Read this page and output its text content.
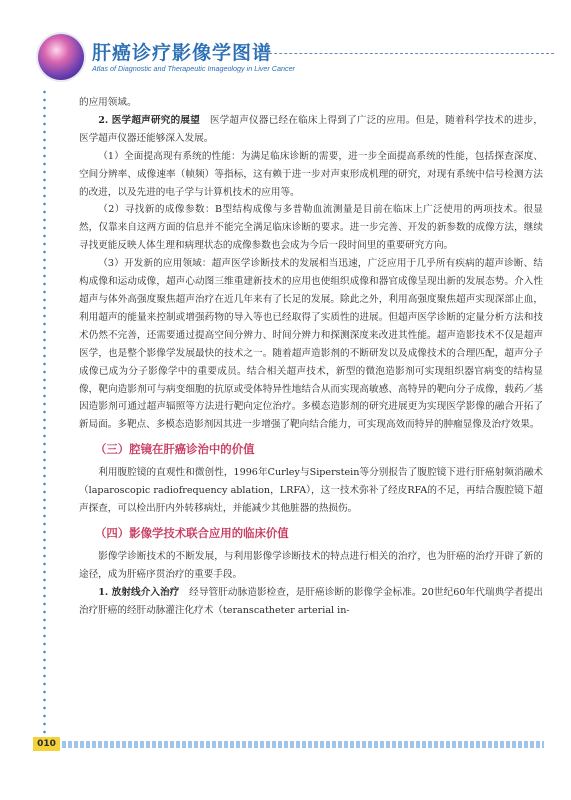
肝癌诊疗影像学图谱
Atlas of Diagnostic and Therapeutic Imageology in Liver Cancer

的应用领域。

2. 医学超声研究的展望　医学超声仪器已经在临床上得到了广泛的应用。但是，随着科学技术的进步，医学超声仪器还能够深入发展。

（1）全面提高现有系统的性能：为满足临床诊断的需要，进一步全面提高系统的性能，包括探查深度、空间分辨率、成像速率（帧频）等指标，这有赖于进一步对声束形成机理的研究，对现有系统中信号检测方法的改进，以及先进的电子学与计算机技术的应用等。

（2）寻找新的成像参数：B型结构成像与多普勒血流测量是目前在临床上广泛使用的两项技术。很显然，仅靠来自这两方面的信息并不能完全满足临床诊断的要求。进一步完善、开发的新参数的成像方法，继续寻找更能反映人体生理和病理状态的成像参数也会成为今后一段时间里的重要研究方向。

（3）开发新的应用领域：超声医学诊断技术的发展相当迅速，广泛应用于几乎所有疾病的超声诊断、结构成像和运动成像，超声心动图三维重建新技术的应用也使组织成像和器官成像呈现出新的发展态势。介入性超声与体外高强度聚焦超声治疗在近几年来有了长足的发展。除此之外，利用高强度聚焦超声实现深部止血，利用超声的能量来控制或增强药物的导入等也已经取得了实质性的进展。但超声医学诊断的定量分析方法和技术仍然不完善，还需要通过提高空间分辨力、时间分辨力和探测深度来改进其性能。超声造影技术不仅是超声医学，也是整个影像学发展最快的技术之一。随着超声造影剂的不断研发以及成像技术的合理匹配，超声分子成像已成为分子影像学中的重要成员。结合相关超声技术，新型的微泡造影剂可实现组织器官病变的结构显像，靶向造影剂可与病变细胞的抗原或受体特异性地结合从而实现高敏感、高特异的靶向分子成像，载药／基因造影剂可通过超声辐照等方法进行靶向定位治疗。多模态造影剂的研究进展更为实现医学影像的融合开拓了新局面。多靶点、多模态造影剂因其进一步增强了靶向结合能力，可实现高效而特异的肿瘤显像及治疗效果。

（三）腔镜在肝癌诊治中的价值

利用腹腔镜的直观性和微创性，1996年Curley与Siperstein等分别报告了腹腔镜下进行肝癌射频消融术（laparoscopic radiofrequency ablation，LRFA），这一技术弥补了经皮RFA的不足，再结合腹腔镜下超声探查，可以检出肝内外转移病灶，并能减少其他脏器的热损伤。

（四）影像学技术联合应用的临床价值

影像学诊断技术的不断发展，与利用影像学诊断技术的特点进行相关的治疗，也为肝癌的治疗开辟了新的途径，成为肝癌序贯治疗的重要手段。

1. 放射线介入治疗　经导管肝动脉造影检查，是肝癌诊断的影像学金标准。20世纪60年代瑞典学者提出治疗肝癌的经肝动脉灌注化疗术（teranscatheter arterial in-

010
